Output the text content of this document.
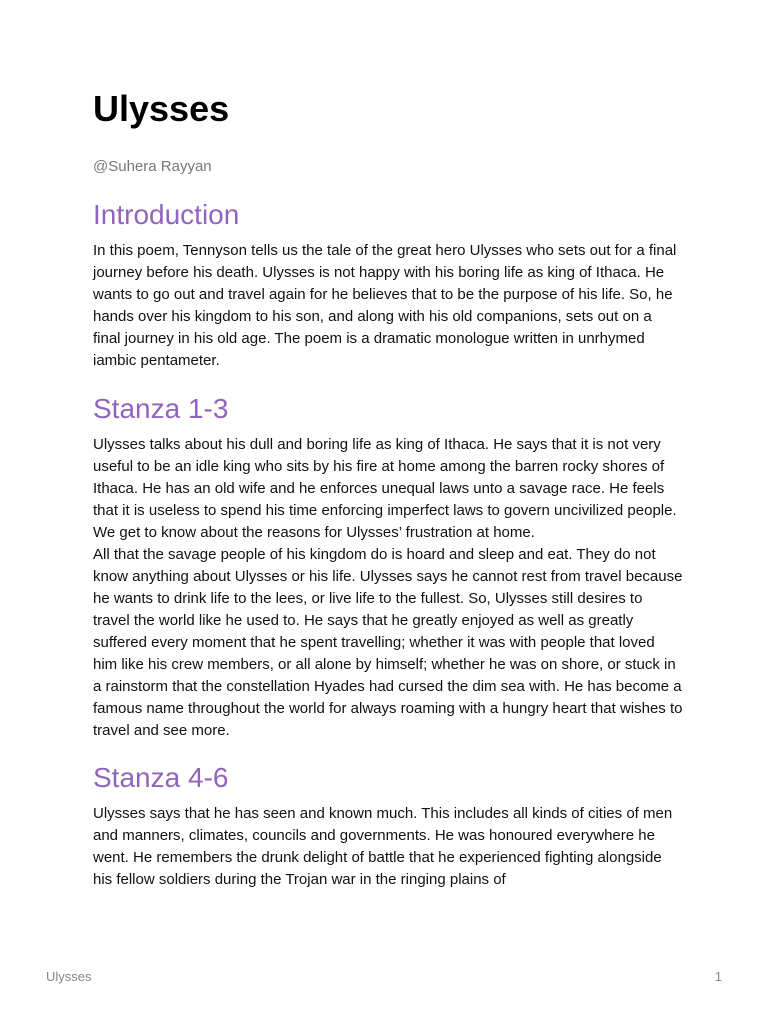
Ulysses
@Suhera Rayyan
Introduction

In this poem, Tennyson tells us the tale of the great hero Ulysses who sets out for a final journey before his death. Ulysses is not happy with his boring life as king of Ithaca. He wants to go out and travel again for he believes that to be the purpose of his life. So, he hands over his kingdom to his son, and along with his old companions, sets out on a final journey in his old age. The poem is a dramatic monologue written in unrhymed iambic pentameter.

Stanza 1-3

Ulysses talks about his dull and boring life as king of Ithaca. He says that it is not very useful to be an idle king who sits by his fire at home among the barren rocky shores of Ithaca. He has an old wife and he enforces unequal laws unto a savage race. He feels that it is useless to spend his time enforcing imperfect laws to govern uncivilized people. We get to know about the reasons for Ulysses’ frustration at home.

All that the savage people of his kingdom do is hoard and sleep and eat. They do not know anything about Ulysses or his life. Ulysses says he cannot rest from travel because he wants to drink life to the lees, or live life to the fullest. So, Ulysses still desires to travel the world like he used to. He says that he greatly enjoyed as well as greatly suffered every moment that he spent travelling; whether it was with people that loved him like his crew members, or all alone by himself; whether he was on shore, or stuck in a rainstorm that the constellation Hyades had cursed the dim sea with. He has become a famous name throughout the world for always roaming with a hungry heart that wishes to travel and see more.

Stanza 4-6

Ulysses says that he has seen and known much. This includes all kinds of cities of men and manners, climates, councils and governments. He was honoured everywhere he went. He remembers the drunk delight of battle that he experienced fighting alongside his fellow soldiers during the Trojan war in the ringing plains of

Ulysses	1
